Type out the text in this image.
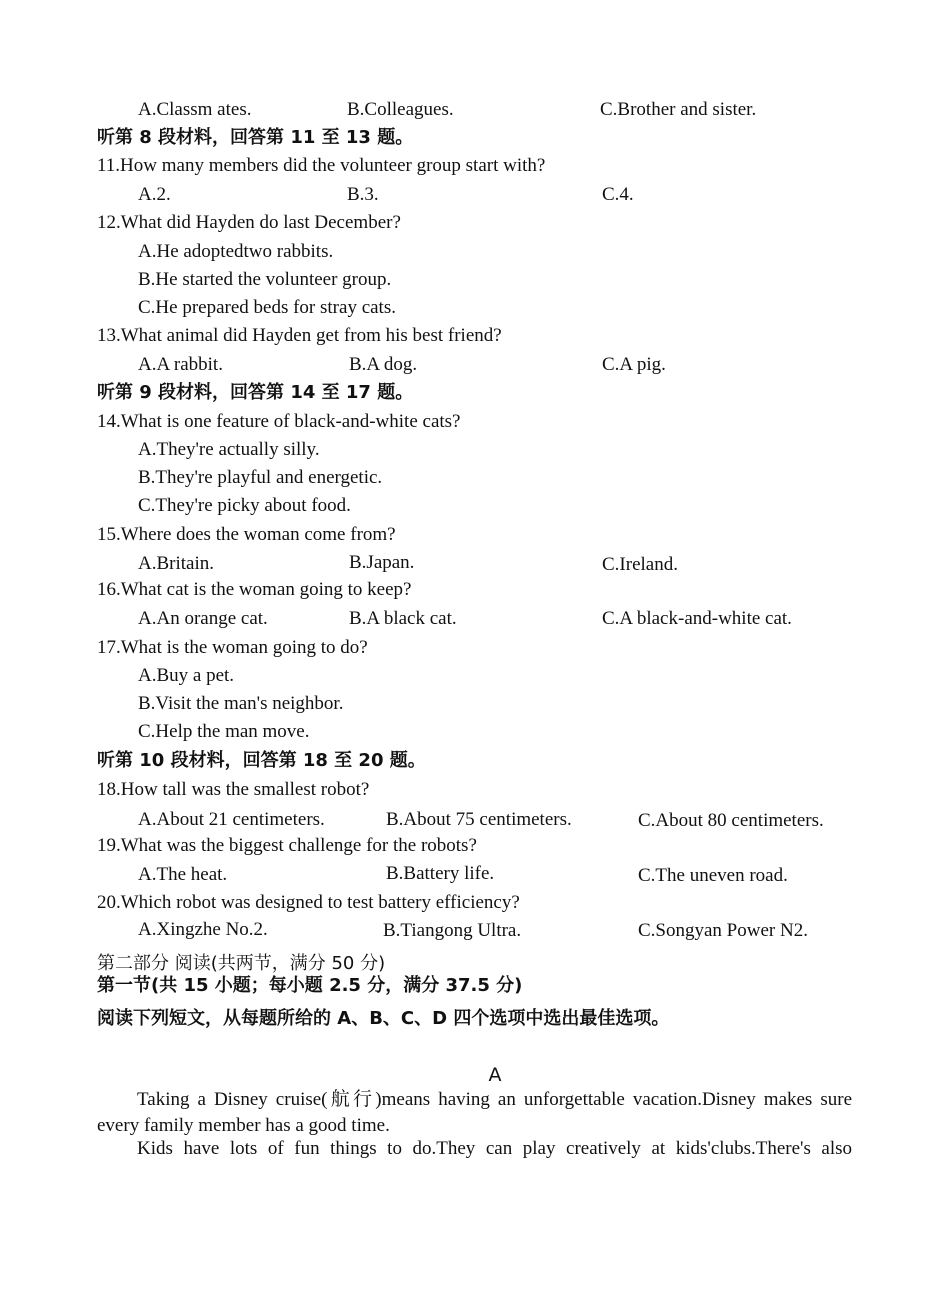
A.Classm ates.	B.Colleagues.	C.Brother and sister.
听第 8 段材料，回答第 11 至 13 题。
11.How many members did the volunteer group start with?
A.2.	B.3.	C.4.
12.What did Hayden do last December?
A.He adoptedtwo rabbits.
B.He started the volunteer group.
C.He prepared beds for stray cats.
13.What animal did Hayden get from his best friend?
A.A rabbit.	B.A dog.	C.A pig.
听第 9 段材料，回答第 14 至 17 题。
14.What is one feature of black-and-white cats?
A.They're actually silly.
B.They're playful and energetic.
C.They're picky about food.
15.Where does the woman come from?
A.Britain.	B.Japan.	C.Ireland.
16.What cat is the woman going to keep?
A.An orange cat.	B.A black cat.	C.A black-and-white cat.
17.What is the woman going to do?
A.Buy a pet.
B.Visit the man's neighbor.
C.Help the man move.
听第 10 段材料，回答第 18 至 20 题。
18.How tall was the smallest robot?
A.About 21 centimeters.	B.About 75 centimeters.	C.About 80 centimeters.
19.What was the biggest challenge for the robots?
A.The heat.	B.Battery life.	C.The uneven road.
20.Which robot was designed to test battery efficiency?
A.Xingzhe No.2.	B.Tiangong Ultra.	C.Songyan Power N2.
第二部分 阅读(共两节，满分 50 分)
第一节(共 15 小题；每小题 2.5 分，满分 37.5 分)
阅读下列短文，从每题所给的 A、B、C、D 四个选项中选出最佳选项。
A
Taking a Disney cruise(航行)means having an unforgettable vacation.Disney makes sure every family member has a good time.
Kids have lots of fun things to do.They can play creatively at kids'clubs.There's also
